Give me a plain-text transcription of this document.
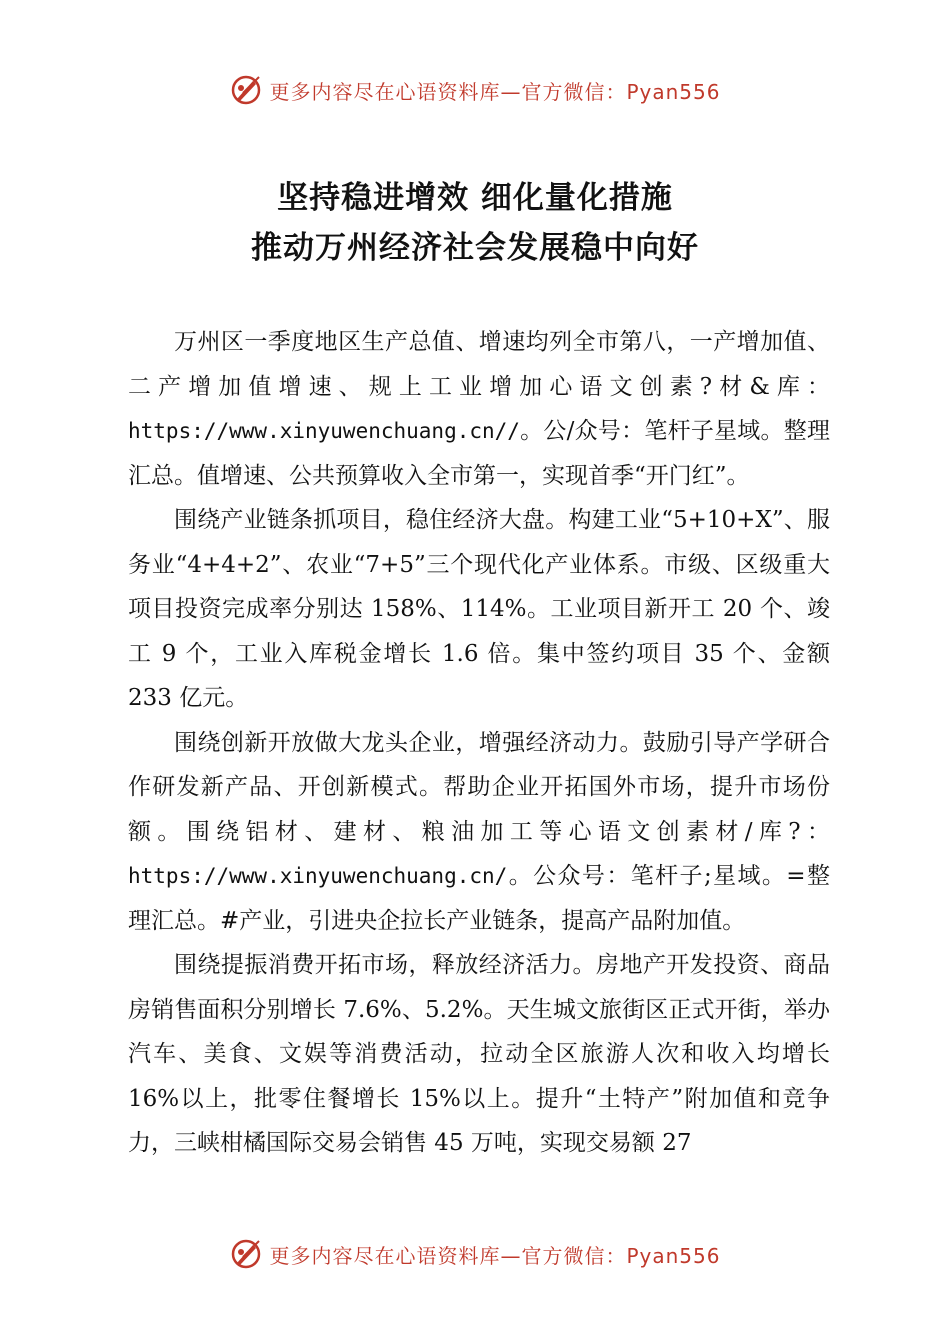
更多内容尽在心语资料库—官方微信：Pyan556
坚持稳进增效 细化量化措施
推动万州经济社会发展稳中向好

万州区一季度地区生产总值、增速均列全市第八，一产增加值、二产增加值增速、规上工业增加心语文创素?材&库：https://www.xinyuwenchuang.cn//。公/众号：笔杆子星域。整理汇总。值增速、公共预算收入全市第一，实现首季“开门红”。

围绕产业链条抓项目，稳住经济大盘。构建工业“5+10+X”、服务业“4+4+2”、农业“7+5”三个现代化产业体系。市级、区级重大项目投资完成率分别达 158%、114%。工业项目新开工 20 个、竣工 9 个，工业入库税金增长 1.6 倍。集中签约项目 35 个、金额 233 亿元。

围绕创新开放做大龙头企业，增强经济动力。鼓励引导产学研合作研发新产品、开创新模式。帮助企业开拓国外市场，提升市场份额。围绕铝材、建材、粮油加工等心语文创素材/库?：https://www.xinyuwenchuang.cn/。公众号：笔杆子;星域。=整理汇总。#产业，引进央企拉长产业链条，提高产品附加值。

围绕提振消费开拓市场，释放经济活力。房地产开发投资、商品房销售面积分别增长 7.6%、5.2%。天生城文旅街区正式开街，举办汽车、美食、文娱等消费活动，拉动全区旅游人次和收入均增长 16%以上，批零住餐增长 15%以上。提升“土特产”附加值和竞争力，三峡柑橘国际交易会销售 45 万吨，实现交易额 27

更多内容尽在心语资料库—官方微信：Pyan556
